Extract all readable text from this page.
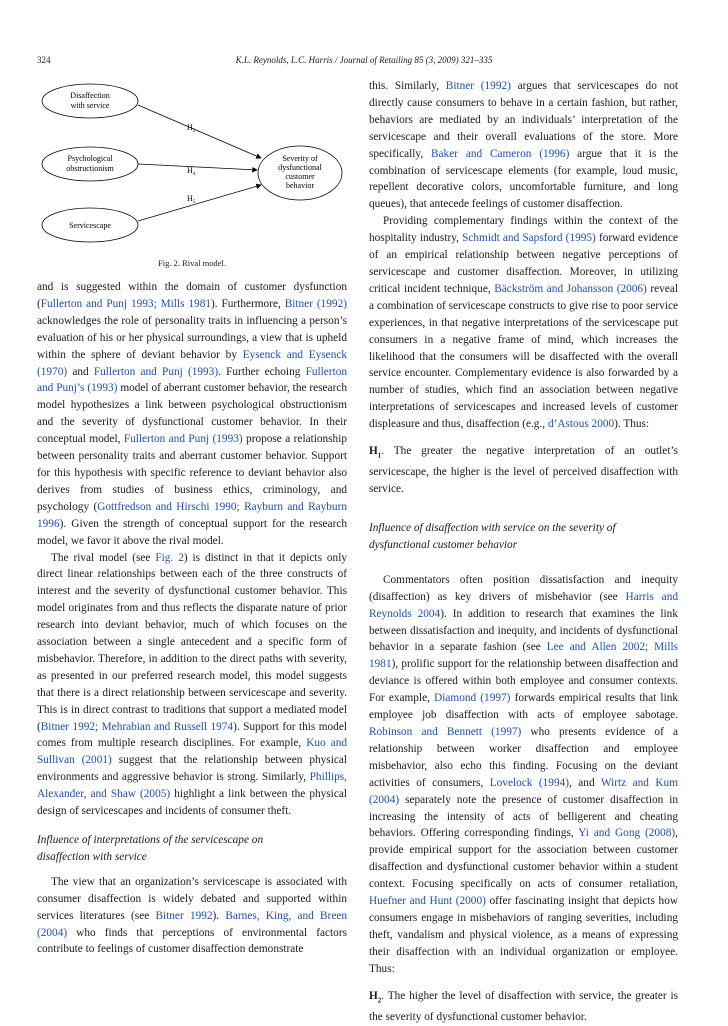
324	K.L. Reynolds, L.C. Harris / Journal of Retailing 85 (3, 2009) 321–335
Disaffection
with service
Psychological
obstructionism
Servicescape
Severity of
dysfunctional
customer
behavior
$H_2$
$H_4$
$H_5$
Fig. 2. Rival model.

and is suggested within the domain of customer dysfunction (Fullerton and Punj 1993; Mills 1981). Furthermore, Bitner (1992) acknowledges the role of personality traits in influencing a person’s evaluation of his or her physical surroundings, a view that is upheld within the sphere of deviant behavior by Eysenck and Eysenck (1970) and Fullerton and Punj (1993). Further echoing Fullerton and Punj’s (1993) model of aberrant customer behavior, the research model hypothesizes a link between psychological obstructionism and the severity of dysfunctional customer behavior. In their conceptual model, Fullerton and Punj (1993) propose a relationship between personality traits and aberrant customer behavior. Support for this hypothesis with specific reference to deviant behavior also derives from studies of business ethics, criminology, and psychology (Gottfredson and Hirschi 1990; Rayburn and Rayburn 1996). Given the strength of conceptual support for the research model, we favor it above the rival model.

The rival model (see Fig. 2) is distinct in that it depicts only direct linear relationships between each of the three constructs of interest and the severity of dysfunctional customer behavior. This model originates from and thus reflects the disparate nature of prior research into deviant behavior, much of which focuses on the association between a single antecedent and a specific form of misbehavior. Therefore, in addition to the direct paths with severity, as presented in our preferred research model, this model suggests that there is a direct relationship between servicescape and severity. This is in direct contrast to traditions that support a mediated model (Bitner 1992; Mehrabian and Russell 1974). Support for this model comes from multiple research disciplines. For example, Kuo and Sullivan (2001) suggest that the relationship between physical environments and aggressive behavior is strong. Similarly, Phillips, Alexander, and Shaw (2005) highlight a link between the physical design of servicescapes and incidents of consumer theft.

Influence of interpretations of the servicescape on
disaffection with service

The view that an organization’s servicescape is associated with consumer disaffection is widely debated and supported within services literatures (see Bitner 1992). Barnes, King, and Breen (2004) who finds that perceptions of environmental factors contribute to feelings of customer disaffection demonstrate

this. Similarly, Bitner (1992) argues that servicescapes do not directly cause consumers to behave in a certain fashion, but rather, behaviors are mediated by an individuals’ interpretation of the servicescape and their overall evaluations of the store. More specifically, Baker and Cameron (1996) argue that it is the combination of servicescape elements (for example, loud music, repellent decorative colors, uncomfortable furniture, and long queues), that antecede feelings of customer disaffection.

Providing complementary findings within the context of the hospitality industry, Schmidt and Sapsford (1995) forward evidence of an empirical relationship between negative perceptions of servicescape and customer disaffection. Moreover, in utilizing critical incident technique, Bäckström and Johansson (2006) reveal a combination of servicescape constructs to give rise to poor service experiences, in that negative interpretations of the servicescape put consumers in a negative frame of mind, which increases the likelihood that the consumers will be disaffected with the overall service encounter. Complementary evidence is also forwarded by a number of studies, which find an association between negative interpretations of servicescapes and increased levels of customer displeasure and thus, disaffection (e.g., d’Astous 2000). Thus:

$H_1$. The greater the negative interpretation of an outlet’s servicescape, the higher is the level of perceived disaffection with service.

Influence of disaffection with service on the severity of
dysfunctional customer behavior

Commentators often position dissatisfaction and inequity (disaffection) as key drivers of misbehavior (see Harris and Reynolds 2004). In addition to research that examines the link between dissatisfaction and inequity, and incidents of dysfunctional behavior in a separate fashion (see Lee and Allen 2002; Mills 1981), prolific support for the relationship between disaffection and deviance is offered within both employee and consumer contexts. For example, Diamond (1997) forwards empirical results that link employee job disaffection with acts of employee sabotage. Robinson and Bennett (1997) who presents evidence of a relationship between worker disaffection and employee misbehavior, also echo this finding. Focusing on the deviant activities of consumers, Lovelock (1994), and Wirtz and Kum (2004) separately note the presence of customer disaffection in increasing the intensity of acts of belligerent and cheating behaviors. Offering corresponding findings, Yi and Gong (2008), provide empirical support for the association between customer disaffection and dysfunctional customer behavior within a student context. Focusing specifically on acts of consumer retaliation, Huefner and Hunt (2000) offer fascinating insight that depicts how consumers engage in misbehaviors of ranging severities, including theft, vandalism and physical violence, as a means of expressing their disaffection with an individual organization or employee. Thus:

$H_2$. The higher the level of disaffection with service, the greater is the severity of dysfunctional customer behavior.
